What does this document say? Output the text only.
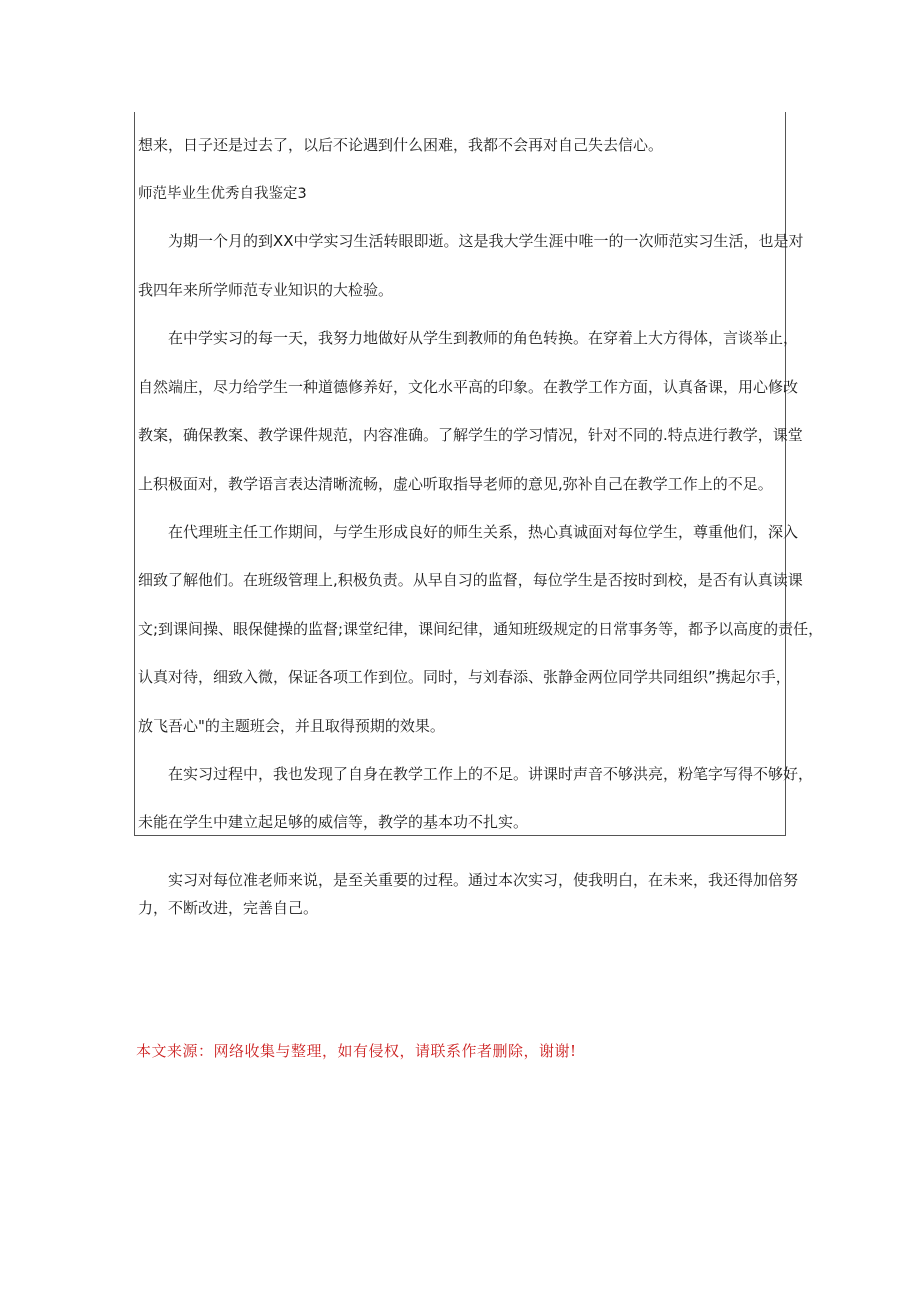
想来，日子还是过去了，以后不论遇到什么困难，我都不会再对自己失去信心。
师范毕业生优秀自我鉴定3
为期一个月的到XX中学实习生活转眼即逝。这是我大学生涯中唯一的一次师范实习生活，也是对
我四年来所学师范专业知识的大检验。
在中学实习的每一天，我努力地做好从学生到教师的角色转换。在穿着上大方得体，言谈举止，
自然端庄，尽力给学生一种道德修养好，文化水平高的印象。在教学工作方面，认真备课，用心修改
教案，确保教案、教学课件规范，内容准确。了解学生的学习情况，针对不同的.特点进行教学，课堂
上积极面对，教学语言表达清晰流畅，虚心听取指导老师的意见,弥补自己在教学工作上的不足。
在代理班主任工作期间，与学生形成良好的师生关系，热心真诚面对每位学生，尊重他们，深入
细致了解他们。在班级管理上,积极负责。从早自习的监督，每位学生是否按时到校，是否有认真读课
文;到课间操、眼保健操的监督;课堂纪律，课间纪律，通知班级规定的日常事务等，都予以高度的责任，
认真对待，细致入微，保证各项工作到位。同时，与刘春添、张静金两位同学共同组织”携起尔手，
放飞吾心"的主题班会，并且取得预期的效果。
在实习过程中，我也发现了自身在教学工作上的不足。讲课时声音不够洪亮，粉笔字写得不够好，
未能在学生中建立起足够的威信等，教学的基本功不扎实。
实习对每位准老师来说，是至关重要的过程。通过本次实习，使我明白，在未来，我还得加倍努
力，不断改进，完善自己。
本文来源：网络收集与整理，如有侵权，请联系作者删除，谢谢!
